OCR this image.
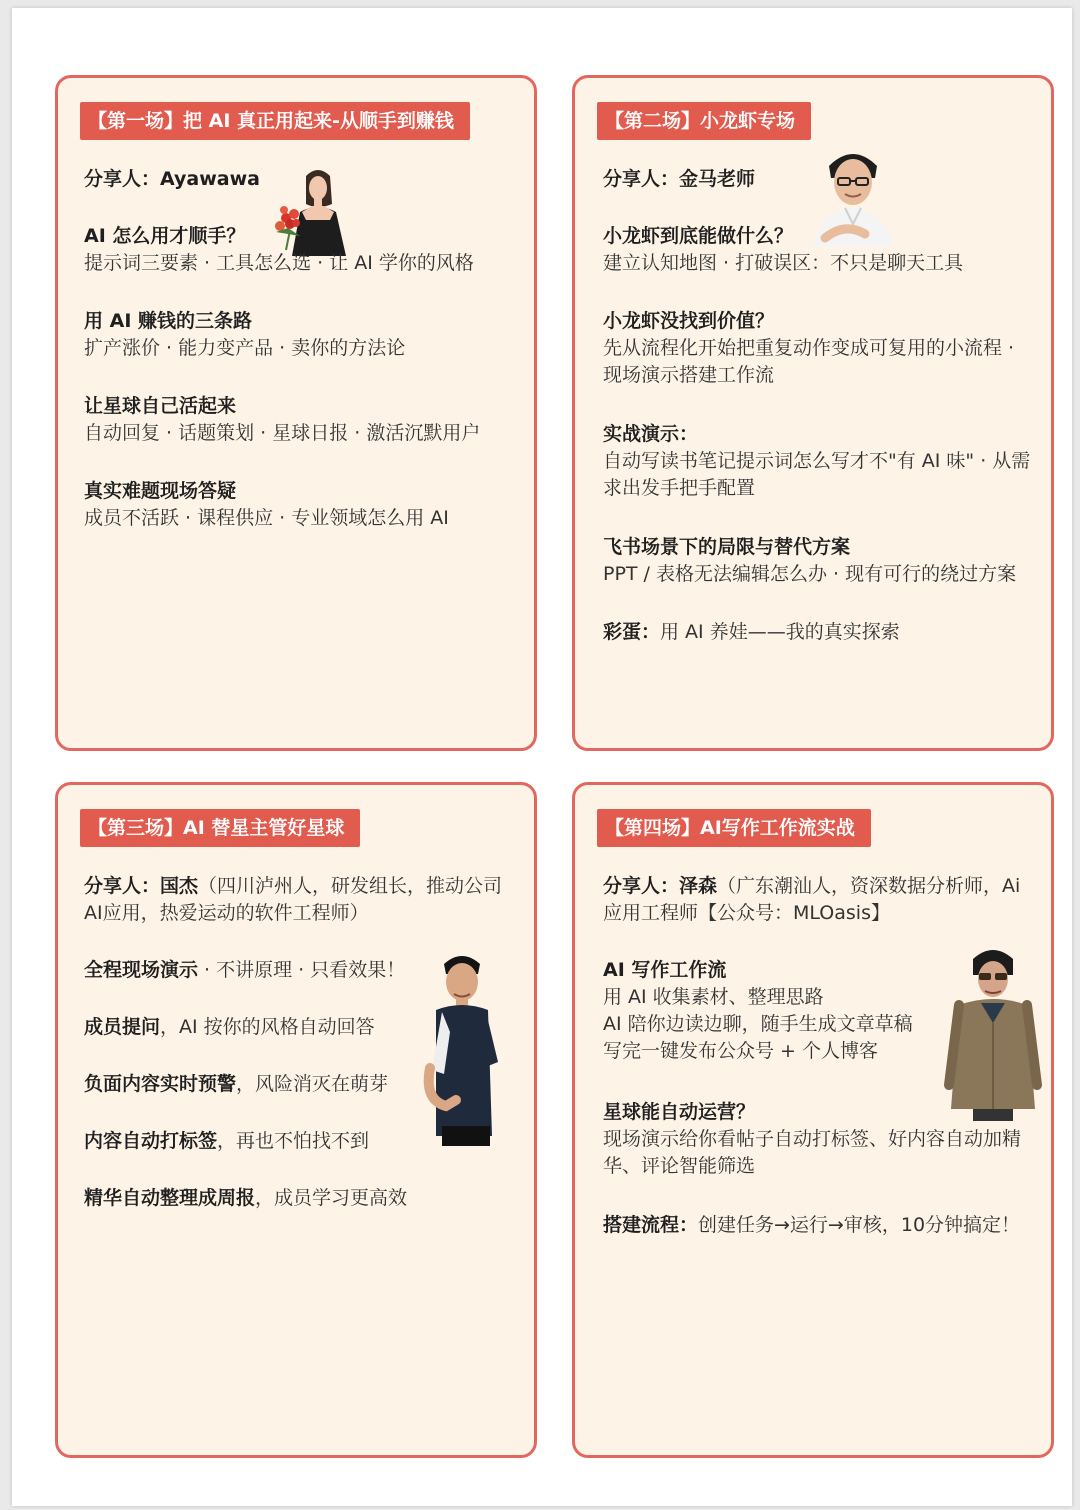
【第一场】把 AI 真正用起来-从顺手到赚钱
分享人：Ayawawa
AI 怎么用才顺手？
提示词三要素 · 工具怎么选 · 让 AI 学你的风格
用 AI 赚钱的三条路
扩产涨价 · 能力变产品 · 卖你的方法论
让星球自己活起来
自动回复 · 话题策划 · 星球日报 · 激活沉默用户
真实难题现场答疑
成员不活跃 · 课程供应 · 专业领域怎么用 AI
【第二场】小龙虾专场
分享人：金马老师
小龙虾到底能做什么？
建立认知地图 · 打破误区：不只是聊天工具
小龙虾没找到价值？
先从流程化开始把重复动作变成可复用的小流程 · 现场演示搭建工作流
实战演示：
自动写读书笔记提示词怎么写才不"有 AI 味" · 从需求出发手把手配置
飞书场景下的局限与替代方案
PPT / 表格无法编辑怎么办 · 现有可行的绕过方案
彩蛋：用 AI 养娃——我的真实探索
【第三场】AI 替星主管好星球
分享人：国杰（四川泸州人，研发组长，推动公司AI应用，热爱运动的软件工程师）
全程现场演示 · 不讲原理 · 只看效果！
成员提问，AI 按你的风格自动回答
负面内容实时预警，风险消灭在萌芽
内容自动打标签，再也不怕找不到
精华自动整理成周报，成员学习更高效
【第四场】AI写作工作流实战
分享人：泽森（广东潮汕人，资深数据分析师，Ai应用工程师【公众号：MLOasis】
AI 写作工作流
用 AI 收集素材、整理思路
AI 陪你边读边聊，随手生成文章草稿
写完一键发布公众号 + 个人博客
星球能自动运营？
现场演示给你看帖子自动打标签、好内容自动加精华、评论智能筛选
搭建流程：创建任务→运行→审核，10分钟搞定！
